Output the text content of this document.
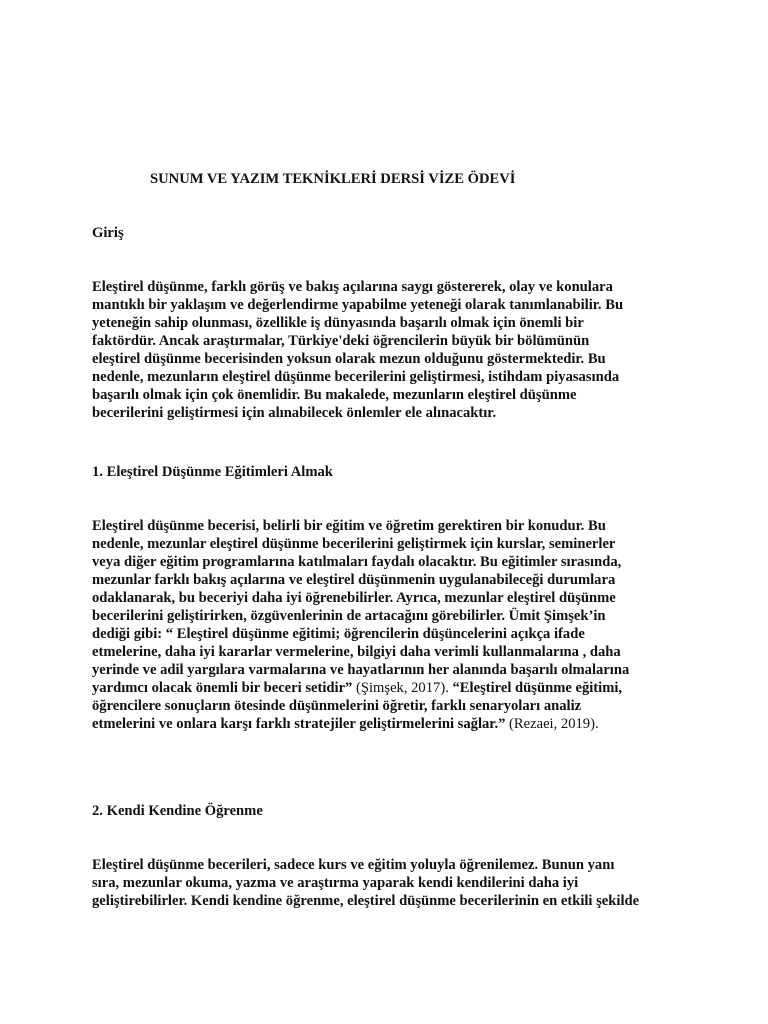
SUNUM VE YAZIM TEKNİKLERİ DERSİ VİZE ÖDEVİ
Giriş
Eleştirel düşünme, farklı görüş ve bakış açılarına saygı göstererek, olay ve konulara
mantıklı bir yaklaşım ve değerlendirme yapabilme yeteneği olarak tanımlanabilir. Bu
yeteneğin sahip olunması, özellikle iş dünyasında başarılı olmak için önemli bir
faktördür. Ancak araştırmalar, Türkiye'deki öğrencilerin büyük bir bölümünün
eleştirel düşünme becerisinden yoksun olarak mezun olduğunu göstermektedir. Bu
nedenle, mezunların eleştirel düşünme becerilerini geliştirmesi, istihdam piyasasında
başarılı olmak için çok önemlidir. Bu makalede, mezunların eleştirel düşünme
becerilerini geliştirmesi için alınabilecek önlemler ele alınacaktır.
1. Eleştirel Düşünme Eğitimleri Almak
Eleştirel düşünme becerisi, belirli bir eğitim ve öğretim gerektiren bir konudur. Bu
nedenle, mezunlar eleştirel düşünme becerilerini geliştirmek için kurslar, seminerler
veya diğer eğitim programlarına katılmaları faydalı olacaktır. Bu eğitimler sırasında,
mezunlar farklı bakış açılarına ve eleştirel düşünmenin uygulanabileceği durumlara
odaklanarak, bu beceriyi daha iyi öğrenebilirler. Ayrıca, mezunlar eleştirel düşünme
becerilerini geliştirirken, özgüvenlerinin de artacağını görebilirler. Ümit Şimşek’in
dediği gibi: “ Eleştirel düşünme eğitimi; öğrencilerin düşüncelerini açıkça ifade
etmelerine, daha iyi kararlar vermelerine, bilgiyi daha verimli kullanmalarına , daha
yerinde ve adil yargılara varmalarına ve hayatlarının her alanında başarılı olmalarına
yardımcı olacak önemli bir beceri setidir” (Şimşek, 2017). “Eleştirel düşünme eğitimi,
öğrencilere sonuçların ötesinde düşünmelerini öğretir, farklı senaryoları analiz
etmelerini ve onlara karşı farklı stratejiler geliştirmelerini sağlar.” (Rezaei, 2019).
2. Kendi Kendine Öğrenme
Eleştirel düşünme becerileri, sadece kurs ve eğitim yoluyla öğrenilemez. Bunun yanı
sıra, mezunlar okuma, yazma ve araştırma yaparak kendi kendilerini daha iyi
geliştirebilirler. Kendi kendine öğrenme, eleştirel düşünme becerilerinin en etkili şekilde
